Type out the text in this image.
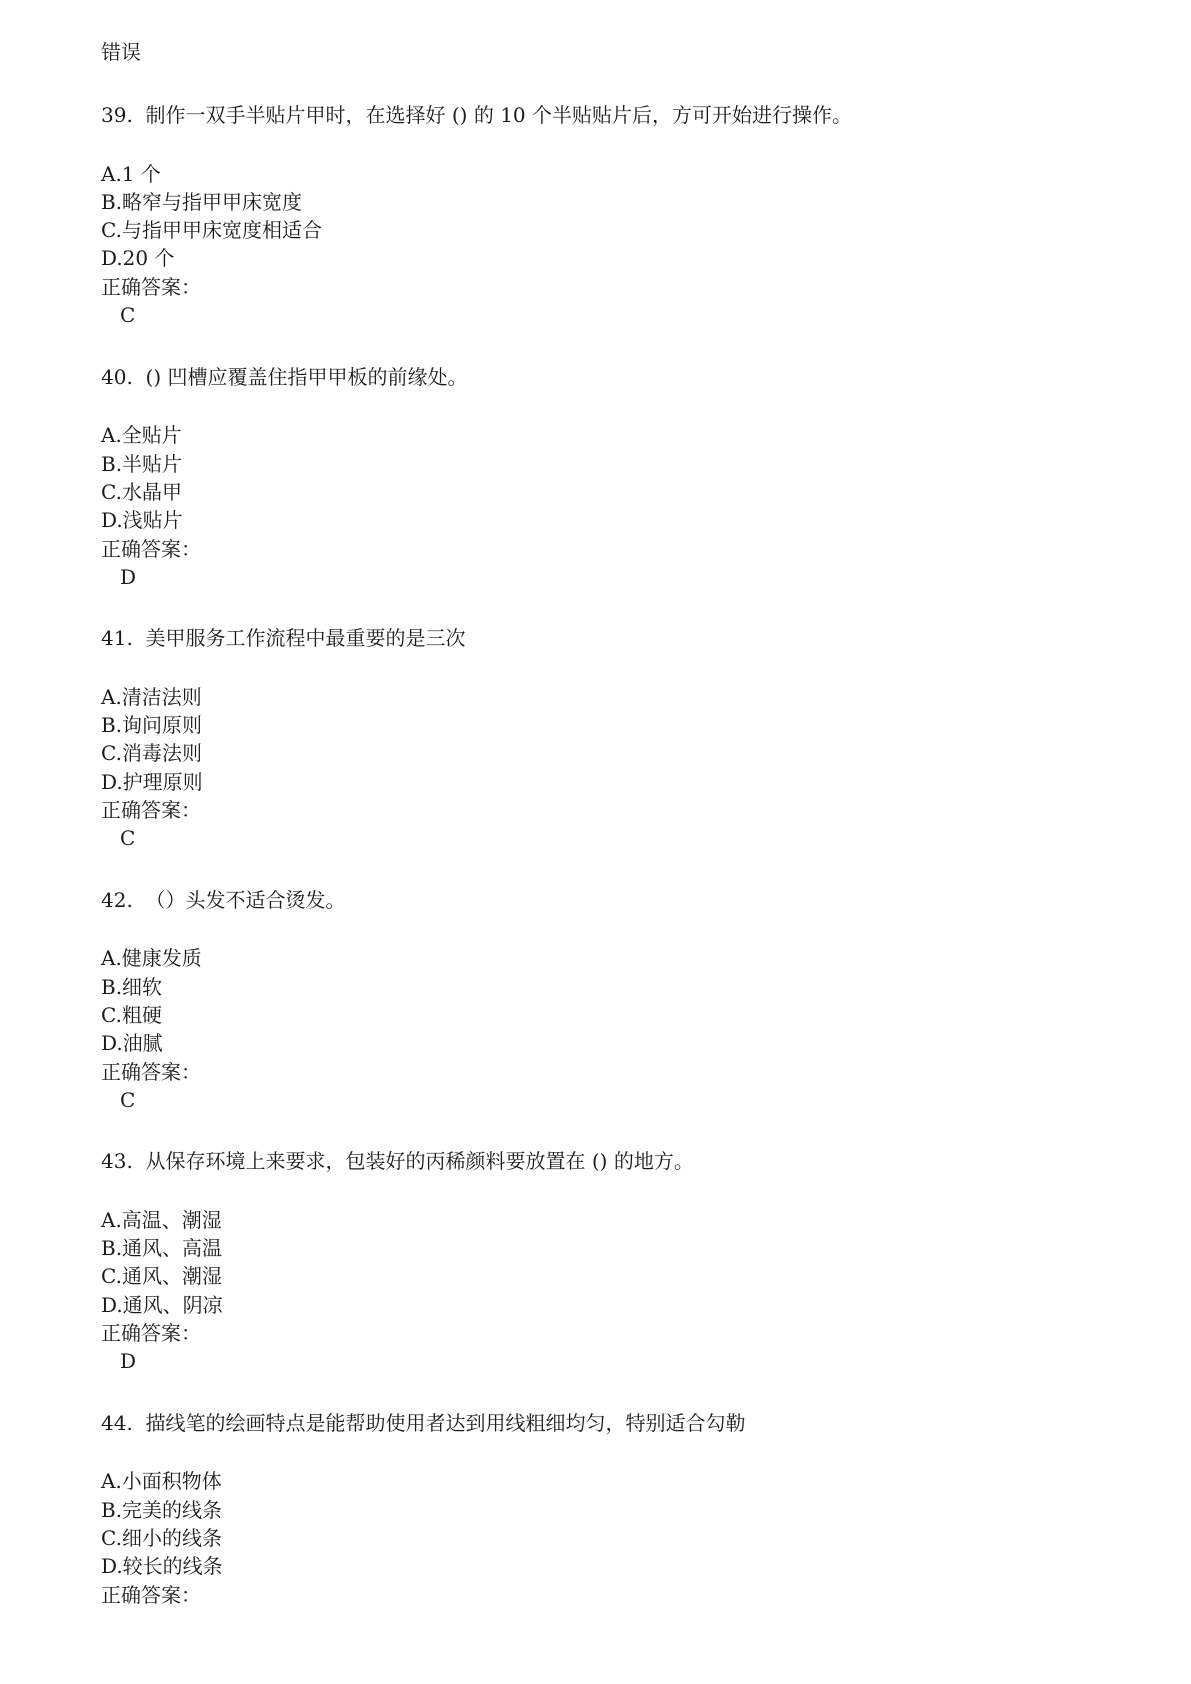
错误
39.  制作一双手半贴片甲时，在选择好 () 的 10 个半贴贴片后，方可开始进行操作。
A.1 个
B.略窄与指甲甲床宽度
C.与指甲甲床宽度相适合
D.20 个
正确答案：
C
40.  () 凹槽应覆盖住指甲甲板的前缘处。
A.全贴片
B.半贴片
C.水晶甲
D.浅贴片
正确答案：
D
41.  美甲服务工作流程中最重要的是三次
A.清洁法则
B.询问原则
C.消毒法则
D.护理原则
正确答案：
C
42.  （）头发不适合烫发。
A.健康发质
B.细软
C.粗硬
D.油腻
正确答案：
C
43.  从保存环境上来要求，包装好的丙稀颜料要放置在 () 的地方。
A.高温、潮湿
B.通风、高温
C.通风、潮湿
D.通风、阴凉
正确答案：
D
44.  描线笔的绘画特点是能帮助使用者达到用线粗细均匀，特别适合勾勒
A.小面积物体
B.完美的线条
C.细小的线条
D.较长的线条
正确答案：
